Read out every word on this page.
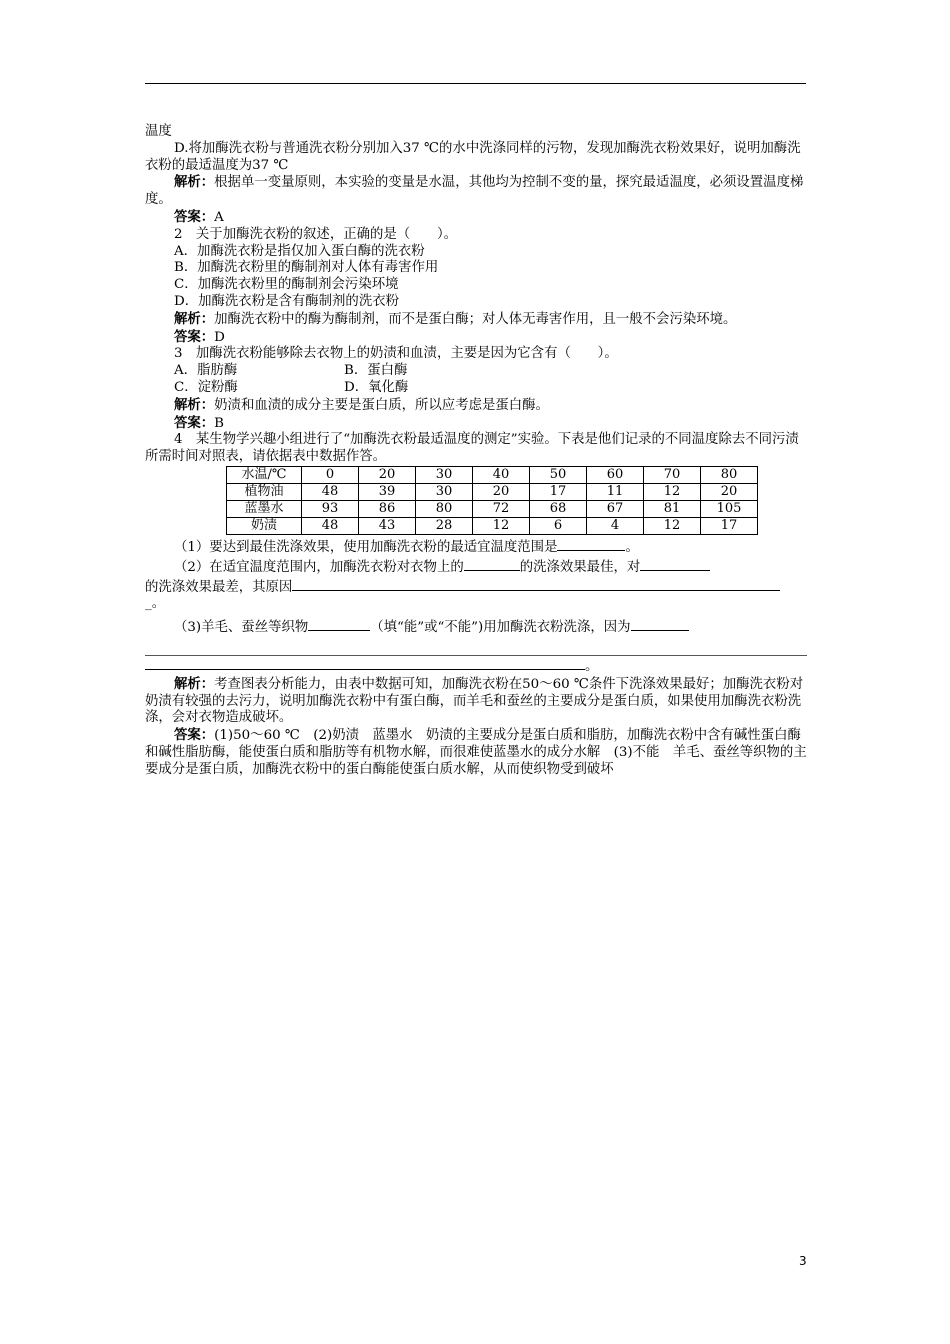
温度

D.将加酶洗衣粉与普通洗衣粉分别加入37 ℃的水中洗涤同样的污物，发现加酶洗衣粉效果好，说明加酶洗衣粉的最适温度为37 ℃

解析：根据单一变量原则，本实验的变量是水温，其他均为控制不变的量，探究最适温度，必须设置温度梯度。

答案：A

2　关于加酶洗衣粉的叙述，正确的是（　　）。

A．加酶洗衣粉是指仅加入蛋白酶的洗衣粉

B．加酶洗衣粉里的酶制剂对人体有毒害作用

C．加酶洗衣粉里的酶制剂会污染环境

D．加酶洗衣粉是含有酶制剂的洗衣粉

解析：加酶洗衣粉中的酶为酶制剂，而不是蛋白酶；对人体无毒害作用，且一般不会污染环境。

答案：D

3　加酶洗衣粉能够除去衣物上的奶渍和血渍，主要是因为它含有（　　）。

A．脂肪酶	B．蛋白酶
C．淀粉酶	D．氧化酶

解析：奶渍和血渍的成分主要是蛋白质，所以应考虑是蛋白酶。

答案：B

4　某生物学兴趣小组进行了“加酶洗衣粉最适温度的测定”实验。下表是他们记录的不同温度除去不同污渍所需时间对照表，请依据表中数据作答。

水温/℃	0	20	30	40	50	60	70	80
植物油	48	39	30	20	17	11	12	20
蓝墨水	93	86	80	72	68	67	81	105
奶渍	48	43	28	12	6	4	12	17

（1）要达到最佳洗涤效果，使用加酶洗衣粉的最适宜温度范围是	。

（2）在适宜温度范围内，加酶洗衣粉对衣物上的	的洗涤效果最佳，对

的洗涤效果最差，其原因

_。

（3)羊毛、蚕丝等织物	（填“能”或“不能”)用加酶洗衣粉洗涤，因为

。

解析：考查图表分析能力，由表中数据可知，加酶洗衣粉在50～60 ℃条件下洗涤效果最好；加酶洗衣粉对奶渍有较强的去污力，说明加酶洗衣粉中有蛋白酶，而羊毛和蚕丝的主要成分是蛋白质，如果使用加酶洗衣粉洗涤，会对衣物造成破坏。

答案：(1)50～60 ℃　(2)奶渍　蓝墨水　奶渍的主要成分是蛋白质和脂肪，加酶洗衣粉中含有碱性蛋白酶和碱性脂肪酶，能使蛋白质和脂肪等有机物水解，而很难使蓝墨水的成分水解　(3)不能　羊毛、蚕丝等织物的主要成分是蛋白质，加酶洗衣粉中的蛋白酶能使蛋白质水解，从而使织物受到破坏

3
